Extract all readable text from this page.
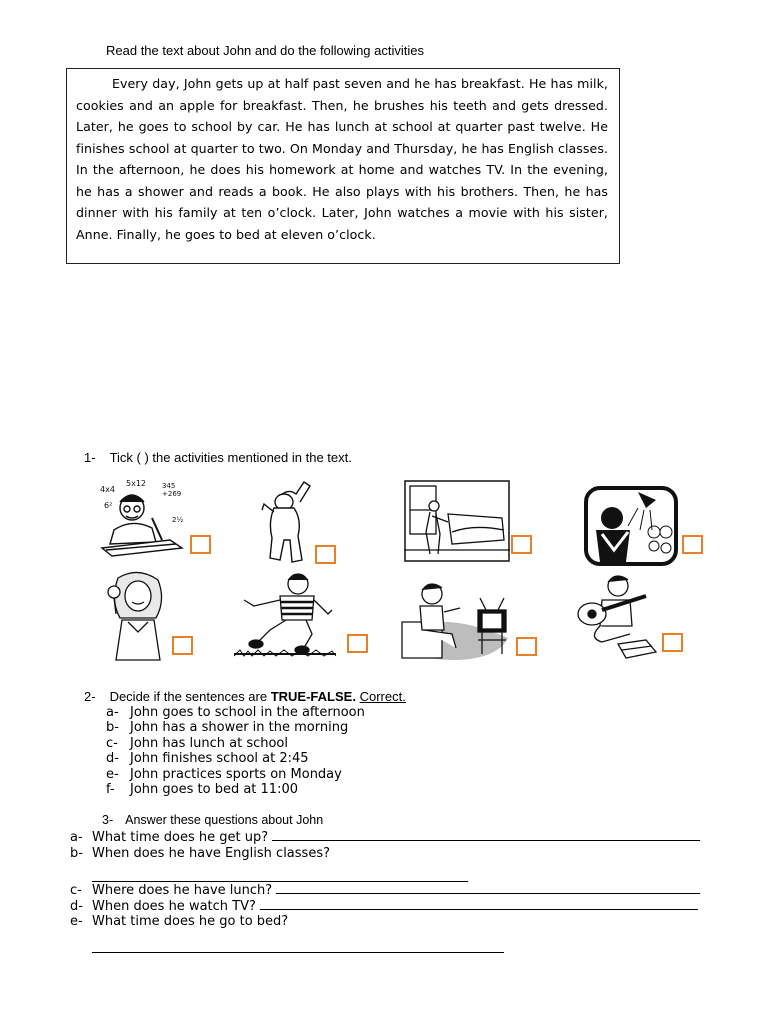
Read the text about John and do the following activities
Every day, John gets up at half past seven and he has breakfast. He has milk, cookies and an apple for breakfast. Then, he brushes his teeth and gets dressed. Later, he goes to school by car. He has lunch at school at quarter past twelve. He finishes school at quarter to two. On Monday and Thursday, he has English classes. In the afternoon, he does his homework at home and watches TV. In the evening, he has a shower and reads a book. He also plays with his brothers. Then, he has dinner with his family at ten o’clock. Later, John watches a movie with his sister, Anne. Finally, he goes to bed at eleven o’clock.
1- Tick ( ) the activities mentioned in the text.
4x4
5x12 345
+269
6²
2½
2- Decide if the sentences are TRUE-FALSE. Correct.
a- John goes to school in the afternoon
b- John has a shower in the morning
c- John has lunch at school
d- John finishes school at 2:45
e- John practices sports on Monday
f- John goes to bed at 11:00
3- Answer these questions about John
a- What time does he get up?
b- When does he have English classes?
c- Where does he have lunch?
d- When does he watch TV?
e- What time does he go to bed?
